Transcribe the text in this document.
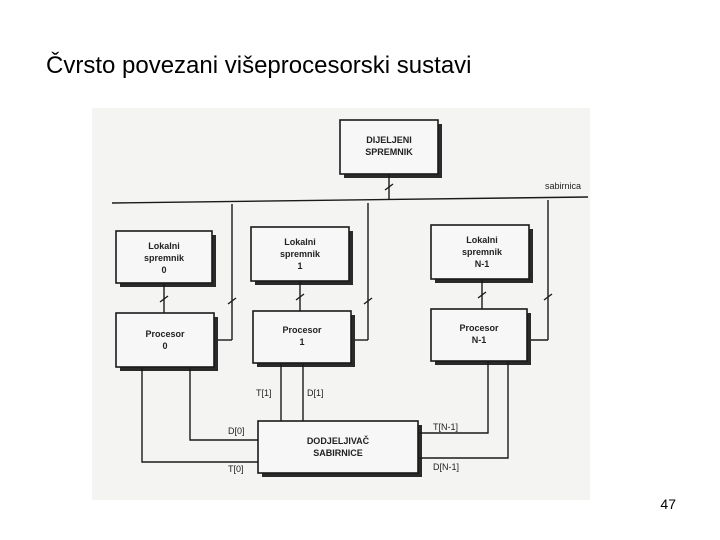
Čvrsto povezani višeprocesorski sustavi
sabirnica
DIJELJENI
SPREMNIK
Lokalni
spremnik
0
Lokalni
spremnik
1
Lokalni
spremnik
N-1
Procesor
0
Procesor
1
Procesor
N-1
DODJELJIVAČ
SABIRNICE
T[1]	D[1]
D[0]
T[0]
T[N-1]
D[N-1]
47
